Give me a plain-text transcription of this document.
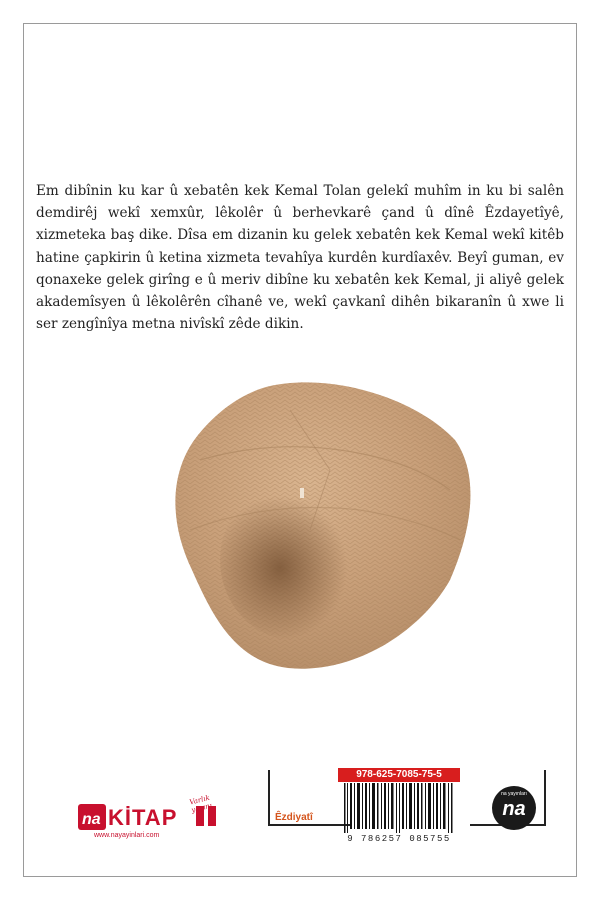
Em dibînin ku kar û xebatên kek Kemal Tolan gelekî muhîm in ku bi salên demdirêj wekî xemxûr, lêkolêr û berhevkarê çand û dînê Êzdayetîyê, xizmeteka baş dike. Dîsa em dizanin ku gelek xebatên kek Kemal wekî kitêb hatine çapkirin û ketina xizmeta tevahîya kurdên kurdîaxêv. Beyî guman, ev qonaxeke gelek girîng e û meriv dibîne ku xebatên kek Kemal, ji aliyê gelek akademîsyen û lêkolêrên cîhanê ve, wekî çavkanî dihên bikaranîn û xwe li ser zengînîya metna nivîskî zêde dikin.

na KİTAP
www.nayayinlari.com
Varlık yayını
Êzdiyatî
978-625-7085-75-5
9 786257 085755
na yayınları
na
